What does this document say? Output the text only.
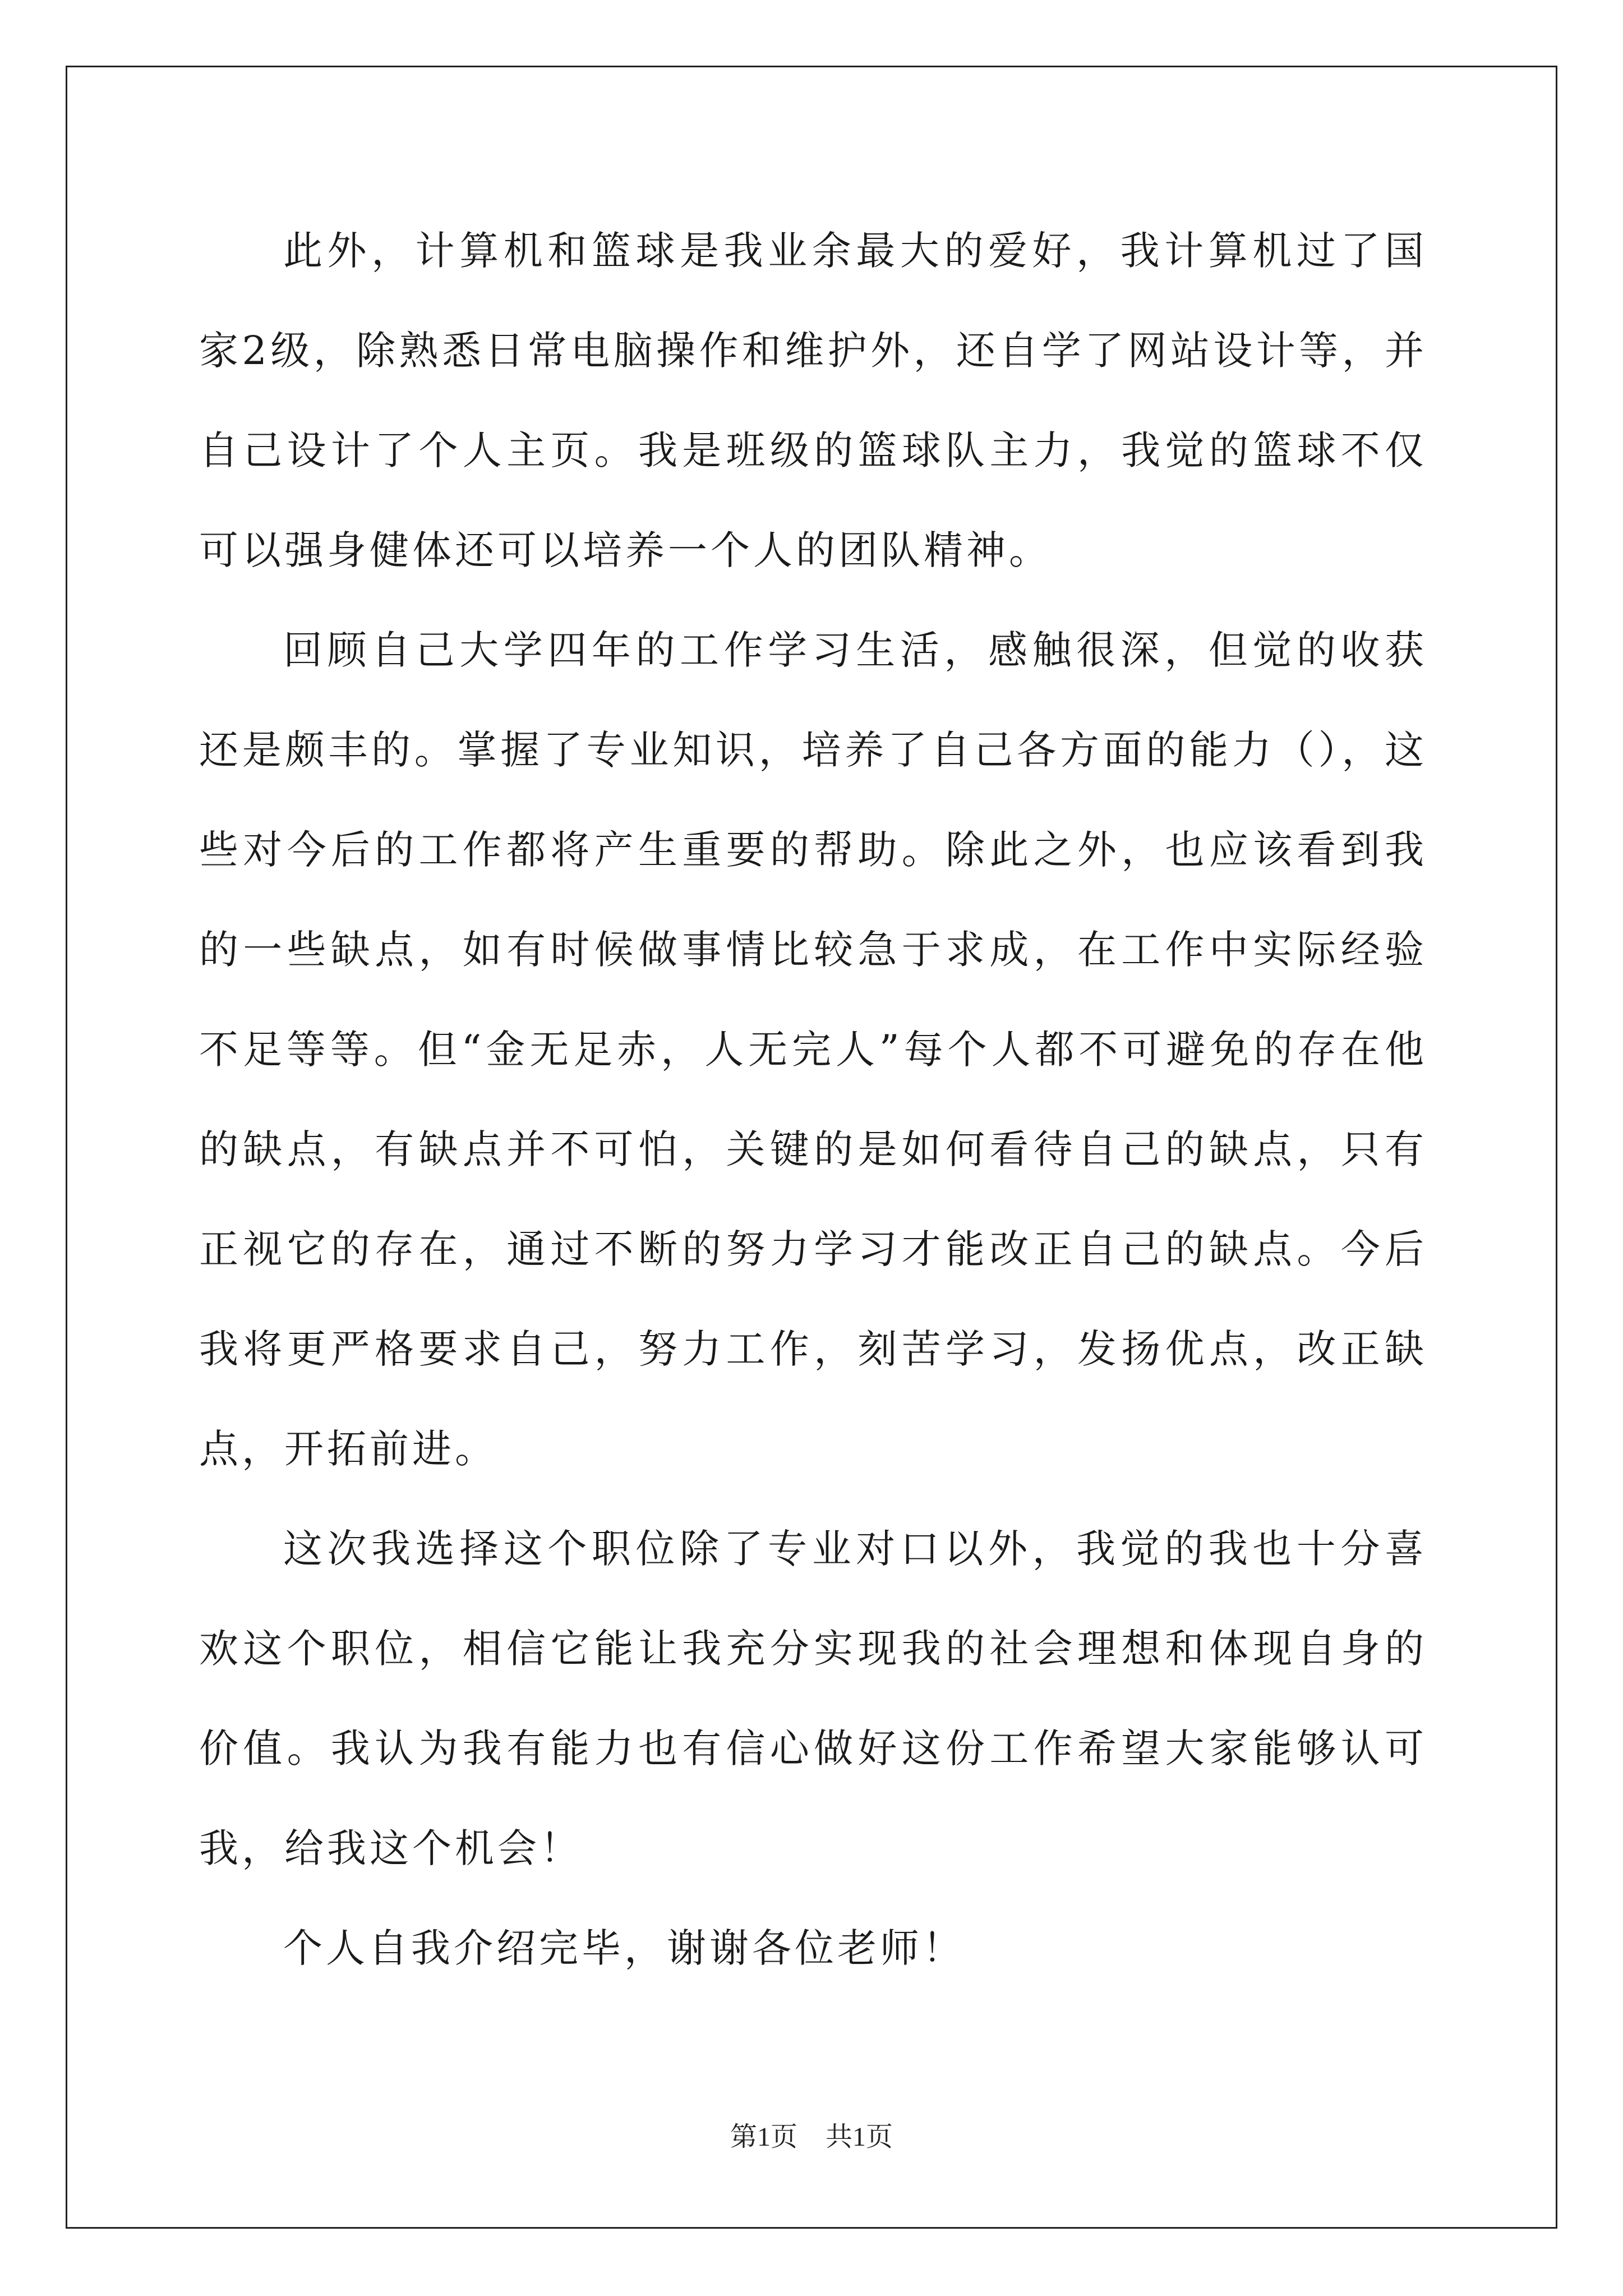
此外，计算机和篮球是我业余最大的爱好，我计算机过了国家2级，除熟悉日常电脑操作和维护外，还自学了网站设计等，并自己设计了个人主页。我是班级的篮球队主力，我觉的篮球不仅可以强身健体还可以培养一个人的团队精神。

回顾自己大学四年的工作学习生活，感触很深，但觉的收获还是颇丰的。掌握了专业知识，培养了自己各方面的能力（），这些对今后的工作都将产生重要的帮助。除此之外，也应该看到我的一些缺点，如有时候做事情比较急于求成，在工作中实际经验不足等等。但“金无足赤，人无完人”每个人都不可避免的存在他的缺点，有缺点并不可怕，关键的是如何看待自己的缺点，只有正视它的存在，通过不断的努力学习才能改正自己的缺点。今后我将更严格要求自己，努力工作，刻苦学习，发扬优点，改正缺点，开拓前进。

这次我选择这个职位除了专业对口以外，我觉的我也十分喜欢这个职位，相信它能让我充分实现我的社会理想和体现自身的价值。我认为我有能力也有信心做好这份工作希望大家能够认可我，给我这个机会！

个人自我介绍完毕，谢谢各位老师！

第1页 共1页
